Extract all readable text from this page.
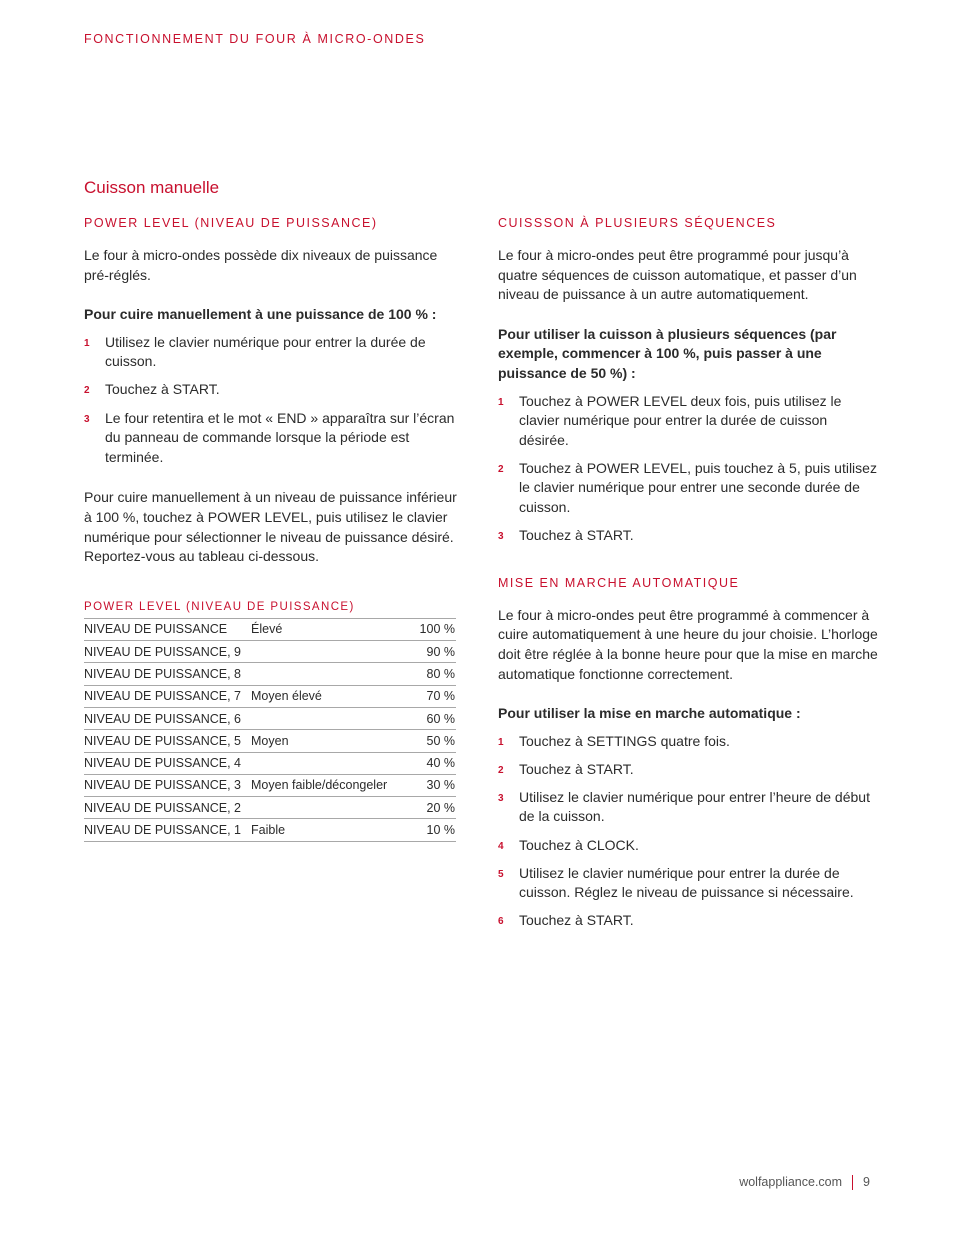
FONCTIONNEMENT DU FOUR À MICRO-ONDES
Cuisson manuelle
POWER LEVEL (NIVEAU DE PUISSANCE)

Le four à micro-ondes possède dix niveaux de puissance pré-réglés.

Pour cuire manuellement à une puissance de 100 % :

1 Utilisez le clavier numérique pour entrer la durée de cuisson.
2 Touchez à START.
3 Le four retentira et le mot « END » apparaîtra sur l’écran du panneau de commande lorsque la période est terminée.

Pour cuire manuellement à un niveau de puissance inférieur à 100 %, touchez à POWER LEVEL, puis utilisez le clavier numérique pour sélectionner le niveau de puissance désiré. Reportez-vous au tableau ci-dessous.

POWER LEVEL (NIVEAU DE PUISSANCE)
NIVEAU DE PUISSANCE	Élevé	100 %
NIVEAU DE PUISSANCE, 9		90 %
NIVEAU DE PUISSANCE, 8		80 %
NIVEAU DE PUISSANCE, 7	Moyen élevé	70 %
NIVEAU DE PUISSANCE, 6		60 %
NIVEAU DE PUISSANCE, 5	Moyen	50 %
NIVEAU DE PUISSANCE, 4		40 %
NIVEAU DE PUISSANCE, 3	Moyen faible/décongeler	30 %
NIVEAU DE PUISSANCE, 2		20 %
NIVEAU DE PUISSANCE, 1	Faible	10 %
CUISSSON À PLUSIEURS SÉQUENCES

Le four à micro-ondes peut être programmé pour jusqu’à quatre séquences de cuisson automatique, et passer d’un niveau de puissance à un autre automatiquement.

Pour utiliser la cuisson à plusieurs séquences (par exemple, commencer à 100 %, puis passer à une puissance de 50 %) :

1 Touchez à POWER LEVEL deux fois, puis utilisez le clavier numérique pour entrer la durée de cuisson désirée.
2 Touchez à POWER LEVEL, puis touchez à 5, puis utilisez le clavier numérique pour entrer une seconde durée de cuisson.
3 Touchez à START.
MISE EN MARCHE AUTOMATIQUE

Le four à micro-ondes peut être programmé à commencer à cuire automatiquement à une heure du jour choisie. L’horloge doit être réglée à la bonne heure pour que la mise en marche automatique fonctionne correctement.

Pour utiliser la mise en marche automatique :

1 Touchez à SETTINGS quatre fois.
2 Touchez à START.
3 Utilisez le clavier numérique pour entrer l’heure de début de la cuisson.
4 Touchez à CLOCK.
5 Utilisez le clavier numérique pour entrer la durée de cuisson. Réglez le niveau de puissance si nécessaire.
6 Touchez à START.
wolfappliance.com 9
